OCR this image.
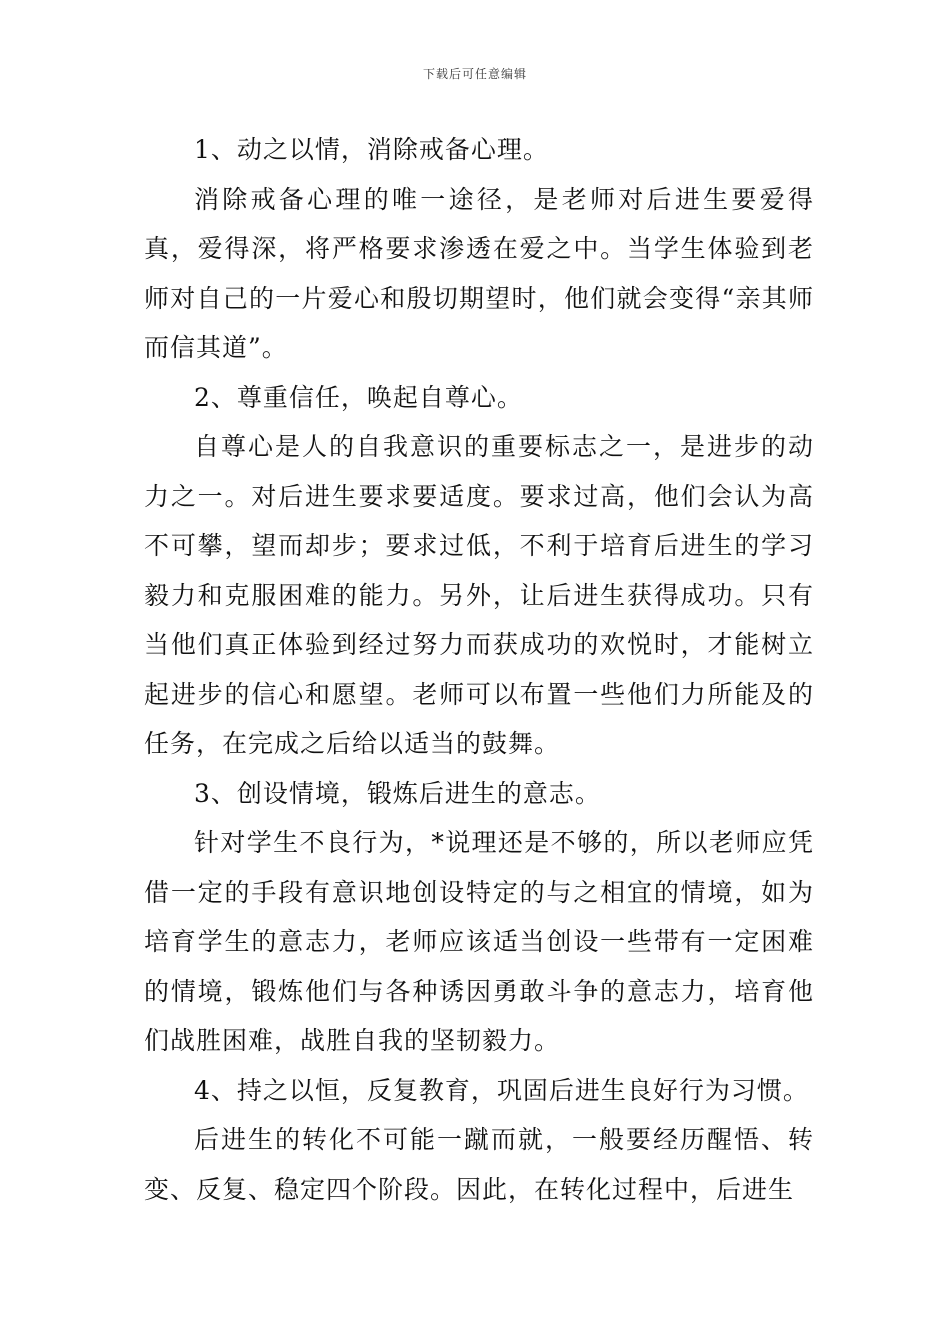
下载后可任意编辑

1、动之以情，消除戒备心理。

消除戒备心理的唯一途径，是老师对后进生要爱得真，爱得深，将严格要求渗透在爱之中。当学生体验到老师对自己的一片爱心和殷切期望时，他们就会变得“亲其师而信其道”。

2、尊重信任，唤起自尊心。

自尊心是人的自我意识的重要标志之一，是进步的动力之一。对后进生要求要适度。要求过高，他们会认为高不可攀，望而却步；要求过低，不利于培育后进生的学习毅力和克服困难的能力。另外，让后进生获得成功。只有当他们真正体验到经过努力而获成功的欢悦时，才能树立起进步的信心和愿望。老师可以布置一些他们力所能及的任务，在完成之后给以适当的鼓舞。

3、创设情境，锻炼后进生的意志。

针对学生不良行为，*说理还是不够的，所以老师应凭借一定的手段有意识地创设特定的与之相宜的情境，如为培育学生的意志力，老师应该适当创设一些带有一定困难的情境，锻炼他们与各种诱因勇敢斗争的意志力，培育他们战胜困难，战胜自我的坚韧毅力。

4、持之以恒，反复教育，巩固后进生良好行为习惯。

后进生的转化不可能一蹴而就，一般要经历醒悟、转变、反复、稳定四个阶段。因此，在转化过程中，后进生
